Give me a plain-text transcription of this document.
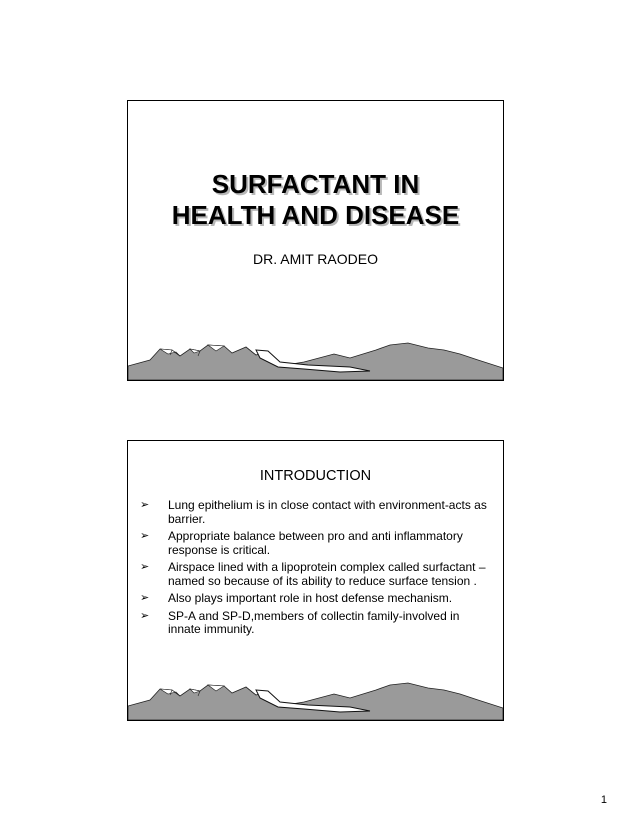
SURFACTANT IN
HEALTH AND DISEASE
DR. AMIT RAODEO
INTRODUCTION
➢ Lung epithelium is in close contact with environment-acts as barrier.
➢ Appropriate balance between pro and anti inflammatory response is critical.
➢ Airspace lined with a lipoprotein complex called surfactant – named so because of its ability to reduce surface tension .
➢ Also plays important role in host defense mechanism.
➢ SP-A and SP-D,members of collectin family-involved in innate immunity.
1
